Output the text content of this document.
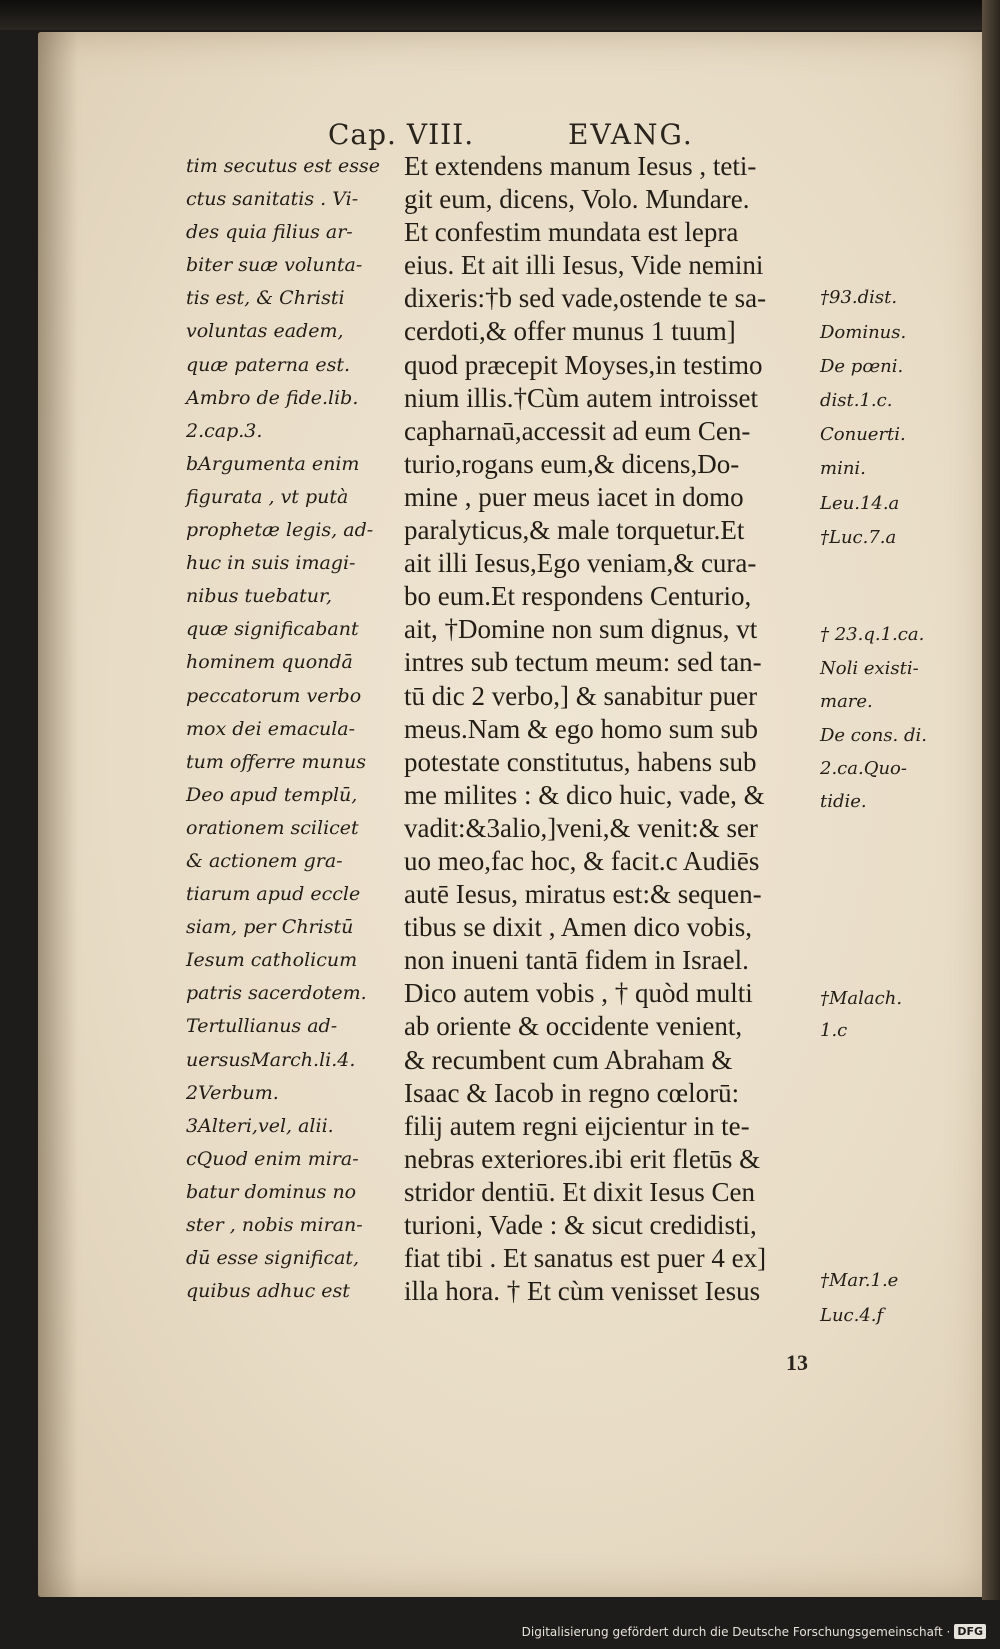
Cap. VIII.	EVANG.
tim secutus est esse
ctus sanitatis . Vi-
des quia filius ar-
biter suæ volunta-
tis est, & Christi
voluntas eadem,
quæ paterna est.
Ambro de fide.lib.
2.cap.3.
bArgumenta enim
figurata , vt putà
prophetæ legis, ad-
huc in suis imagi-
nibus tuebatur,
quæ significabant
hominem quondā
peccatorum verbo
mox dei emacula-
tum offerre munus
Deo apud templū,
orationem scilicet
& actionem gra-
tiarum apud eccle
siam, per Christū
Iesum catholicum
patris sacerdotem.
Tertullianus ad-
uersusMarch.li.4.
2Verbum.
3Alteri,vel, alii.
cQuod enim mira-
batur dominus no
ster , nobis miran-
dū esse significat,
quibus adhuc est
Et extendens manum Iesus , teti-
git eum, dicens, Volo. Mundare.
Et confestim mundata est lepra
eius. Et ait illi Iesus, Vide nemini
dixeris:†b sed vade,ostende te sa-
cerdoti,& offer munus 1 tuum]
quod præcepit Moyses,in testimo
nium illis.†Cùm autem introisset
capharnaū,accessit ad eum Cen-
turio,rogans eum,& dicens,Do-
mine , puer meus iacet in domo
paralyticus,& male torquetur.Et
ait illi Iesus,Ego veniam,& cura-
bo eum.Et respondens Centurio,
ait, †Domine non sum dignus, vt
intres sub tectum meum: sed tan-
tū dic 2 verbo,] & sanabitur puer
meus.Nam & ego homo sum sub
potestate constitutus, habens sub
me milites : & dico huic, vade, &
vadit:&3alio,]veni,& venit:& ser
uo meo,fac hoc, & facit.c Audiēs
autē Iesus, miratus est:& sequen-
tibus se dixit , Amen dico vobis,
non inueni tantā fidem in Israel.
Dico autem vobis , † quòd multi
ab oriente & occidente venient,
& recumbent cum Abraham &
Isaac & Iacob in regno cœlorū:
filij autem regni eijcientur in te-
nebras exteriores.ibi erit fletūs &
stridor dentiū. Et dixit Iesus Cen
turioni, Vade : & sicut credidisti,
fiat tibi . Et sanatus est puer 4 ex]
illa hora. † Et cùm venisset Iesus
†93.dist.
Dominus.
De pœni.
dist.1.c.
Conuerti.
mini.
Leu.14.a
†Luc.7.a
† 23.q.1.ca.
Noli existi-
mare.
De cons. di.
2.ca.Quo-
tidie.
†Malach.
1.c
†Mar.1.e
Luc.4.f
13
Digitalisierung gefördert durch die Deutsche Forschungsgemeinschaft · DFG
